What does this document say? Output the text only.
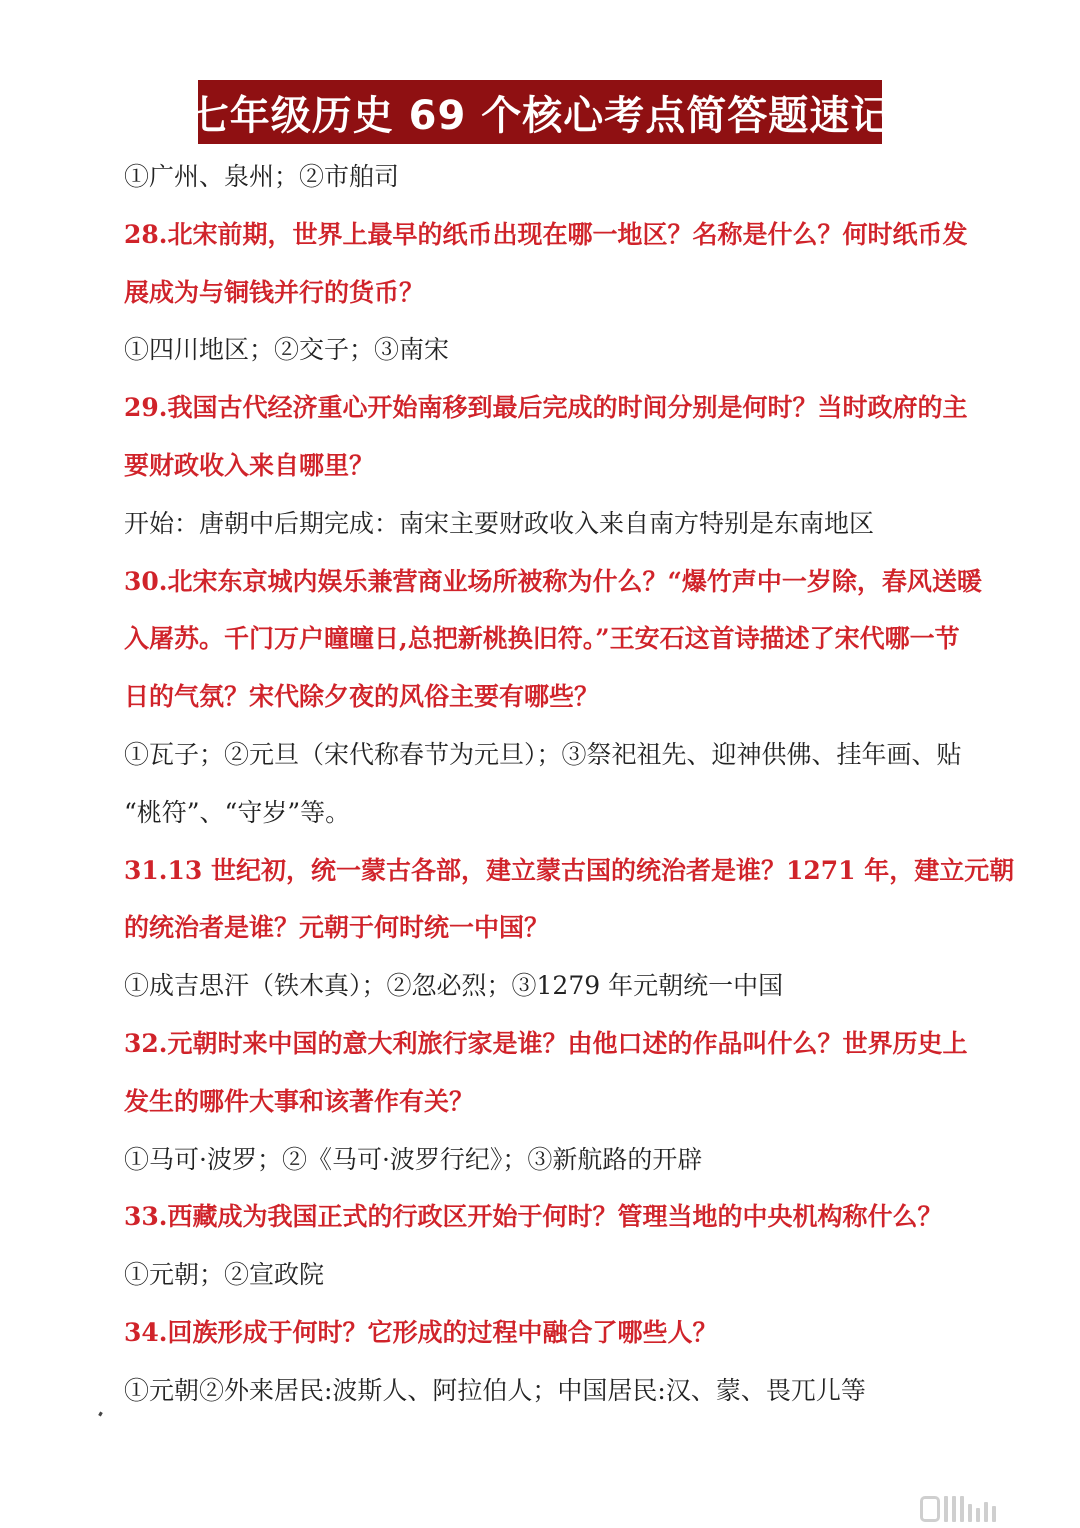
七年级历史 69 个核心考点简答题速记
①广州、泉州；②市舶司
28.北宋前期，世界上最早的纸币出现在哪一地区？名称是什么？何时纸币发
展成为与铜钱并行的货币？
①四川地区；②交子；③南宋
29.我国古代经济重心开始南移到最后完成的时间分别是何时？当时政府的主
要财政收入来自哪里？
开始：唐朝中后期完成：南宋主要财政收入来自南方特别是东南地区
30.北宋东京城内娱乐兼营商业场所被称为什么？“爆竹声中一岁除，春风送暖
入屠苏。千门万户曈曈日,总把新桃换旧符。”王安石这首诗描述了宋代哪一节
日的气氛？宋代除夕夜的风俗主要有哪些？
①瓦子；②元旦（宋代称春节为元旦）；③祭祀祖先、迎神供佛、挂年画、贴
“桃符”、“守岁”等。
31.13 世纪初，统一蒙古各部，建立蒙古国的统治者是谁？1271 年，建立元朝
的统治者是谁？元朝于何时统一中国？
①成吉思汗（铁木真）；②忽必烈；③1279 年元朝统一中国
32.元朝时来中国的意大利旅行家是谁？由他口述的作品叫什么？世界历史上
发生的哪件大事和该著作有关？
①马可·波罗；②《马可·波罗行纪》；③新航路的开辟
33.西藏成为我国正式的行政区开始于何时？管理当地的中央机构称什么？
①元朝；②宣政院
34.回族形成于何时？它形成的过程中融合了哪些人？
①元朝②外来居民:波斯人、阿拉伯人；中国居民:汉、蒙、畏兀儿等
